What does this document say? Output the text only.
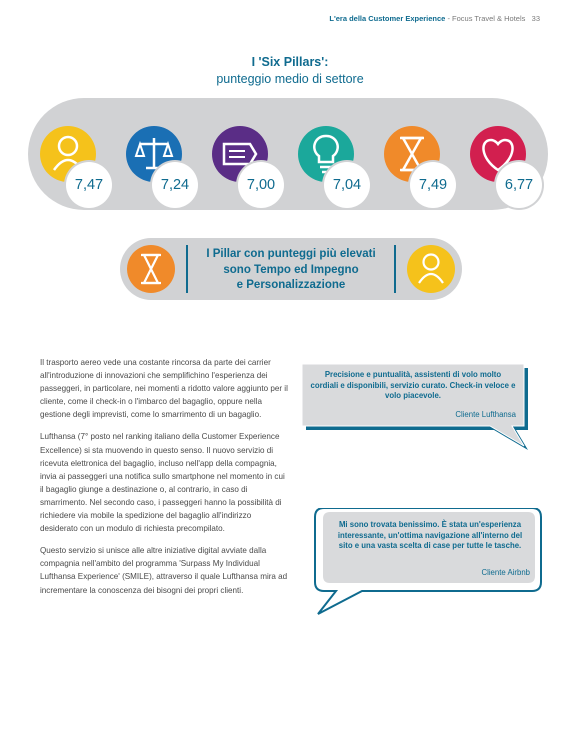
L'era della Customer Experience - Focus Travel & Hotels 33
I 'Six Pillars':
punteggio medio di settore
7,47	7,24	7,00	7,04	7,49	6,77
I Pillar con punteggi più elevati
sono Tempo ed Impegno
e Personalizzazione

Il trasporto aereo vede una costante rincorsa da parte dei carrier all'introduzione di innovazioni che semplifichino l'esperienza dei passeggeri, in particolare, nei momenti a ridotto valore aggiunto per il cliente, come il check-in o l'imbarco del bagaglio, oppure nella gestione degli imprevisti, come lo smarrimento di un bagaglio.

Lufthansa (7° posto nel ranking italiano della Customer Experience Excellence) si sta muovendo in questo senso. Il nuovo servizio di ricevuta elettronica del bagaglio, incluso nell'app della compagnia, invia ai passeggeri una notifica sullo smartphone nel momento in cui il bagaglio giunge a destinazione o, al contrario, in caso di smarrimento. Nel secondo caso, i passeggeri hanno la possibilità di richiedere via mobile la spedizione del bagaglio all'indirizzo desiderato con un modulo di richiesta precompilato.

Questo servizio si unisce alle altre iniziative digital avviate dalla compagnia nell'ambito del programma 'Surpass My Individual Lufthansa Experience' (SMILE), attraverso il quale Lufthansa mira ad incrementare la conoscenza dei bisogni dei propri clienti.

Precisione e puntualità, assistenti di volo molto cordiali e disponibili, servizio curato. Check-in veloce e volo piacevole.
Cliente Lufthansa
Mi sono trovata benissimo. È stata un'esperienza interessante, un'ottima navigazione all'interno del sito e una vasta scelta di case per tutte le tasche.
Cliente Airbnb
